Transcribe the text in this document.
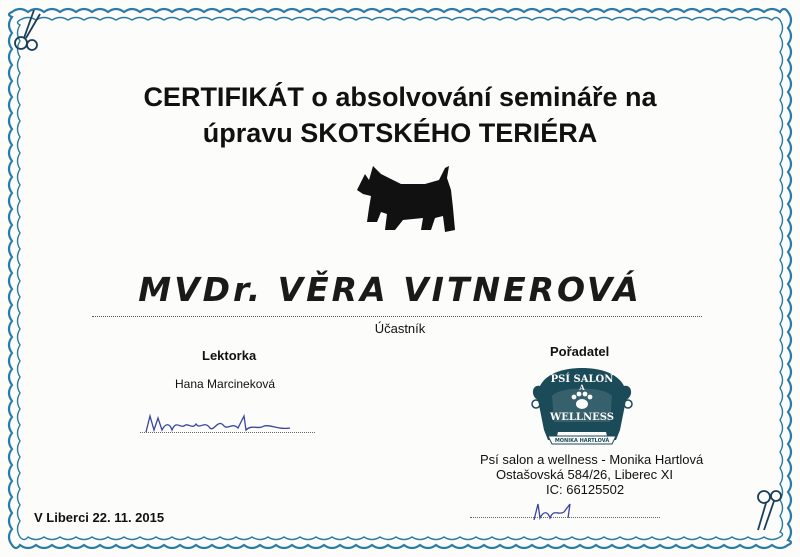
CERTIFIKÁT o absolvování semináře na
úpravu SKOTSKÉHO TERIÉRA
MVDr. VĚRA VITNEROVÁ
Účastník
Lektorka
Hana Marcineková
Pořadatel
PSÍ SALON
A
WELLNESS
MONIKA HARTLOVÁ
Psí salon a wellness - Monika Hartlová
Ostašovská 584/26, Liberec XI
IC: 66125502
V Liberci 22. 11. 2015
